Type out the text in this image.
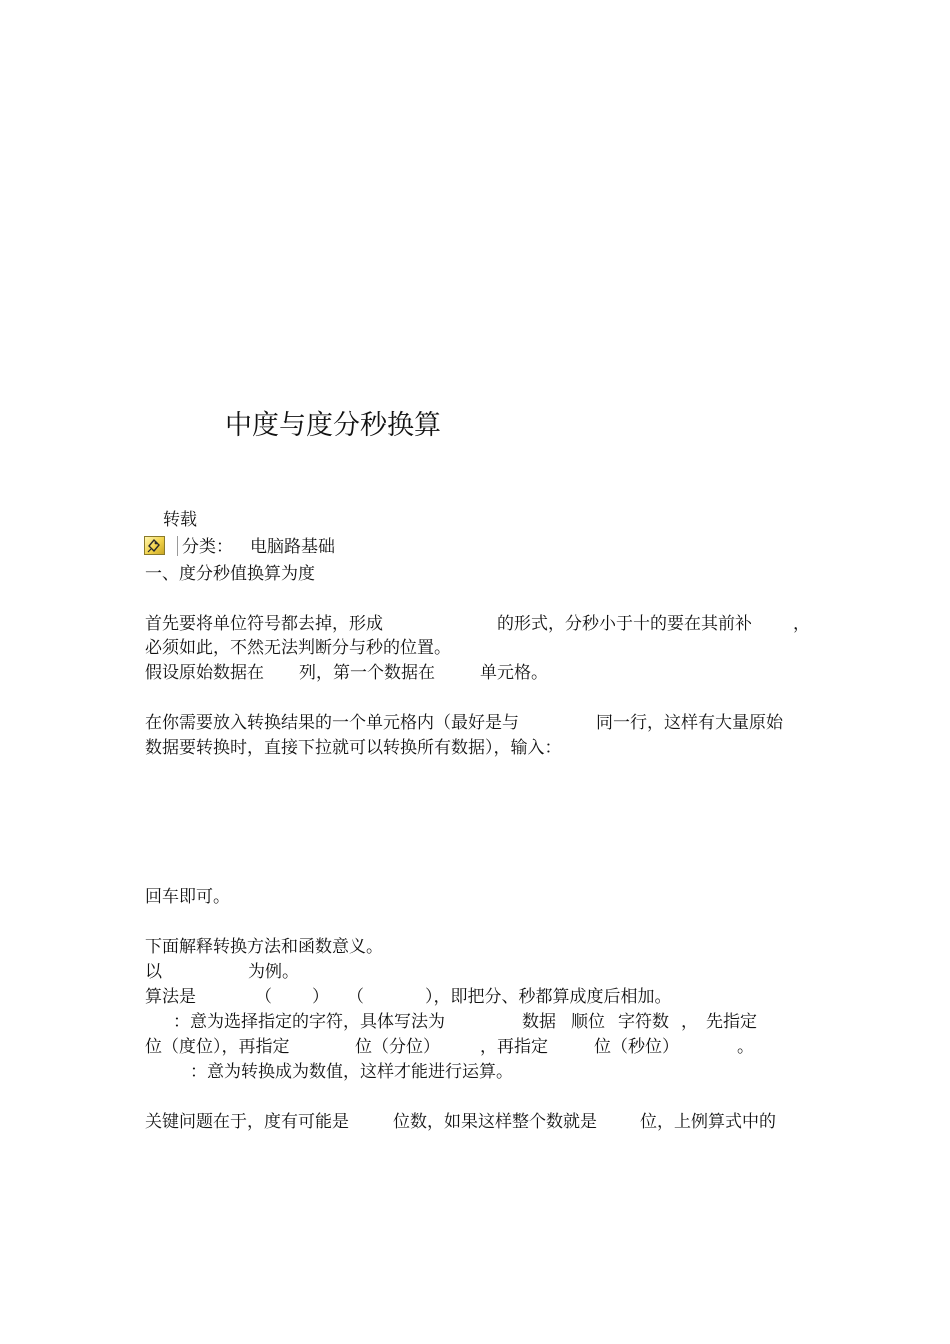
中度与度分秒换算
转载
分类： 电脑路基础
一、度分秒值换算为度
首先要将单位符号都去掉，形成	的形式，分秒小于十的要在其前补 ，
必须如此，不然无法判断分与秒的位置。
假设原始数据在 列，第一个数据在	单元格。
在你需要放入转换结果的一个单元格内（最好是与	同一行，这样有大量原始
数据要转换时，直接下拉就可以转换所有数据），输入：
回车即可。
下面解释转换方法和函数意义。
以	为例。
算法是	（ ） （	），即把分、秒都算成度后相加。
：意为选择指定的字符，具体写法为	数据 顺位 字符数 ， 先指定
位（度位），再指定	位（分位） ，再指定	位（秒位）	。
：意为转换成为数值，这样才能进行运算。
关键问题在于，度有可能是	位数，如果这样整个数就是	位，上例算式中的
